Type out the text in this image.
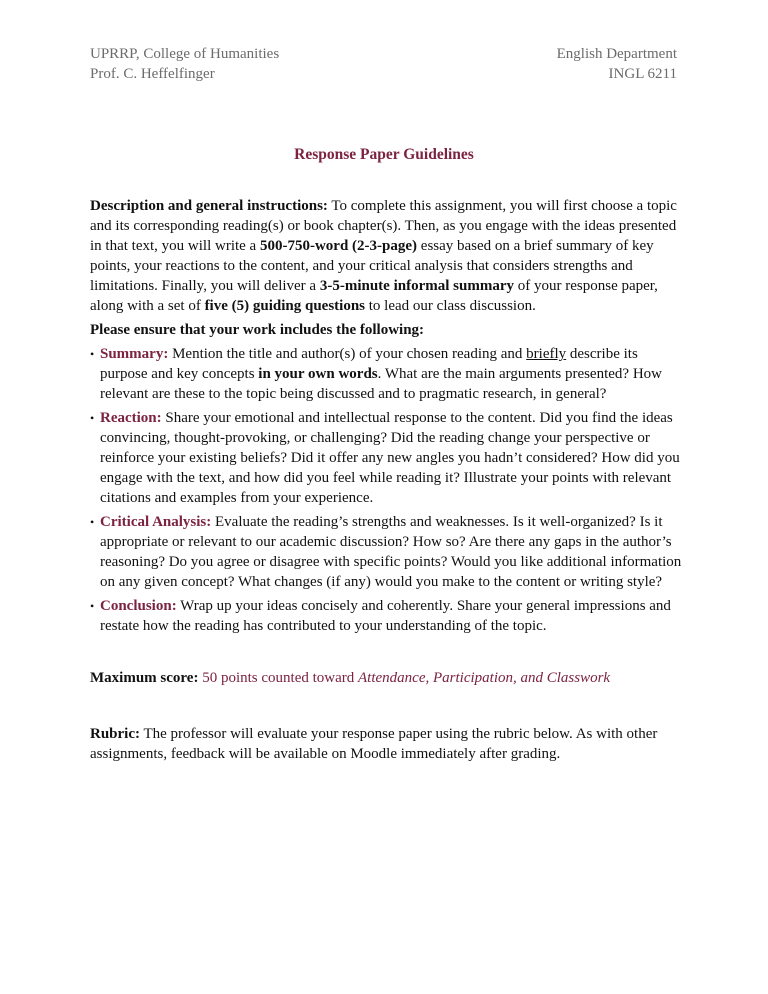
UPRRP, College of Humanities
Prof. C. Heffelfinger
English Department
INGL 6211
Response Paper Guidelines
Description and general instructions: To complete this assignment, you will first choose a topic and its corresponding reading(s) or book chapter(s). Then, as you engage with the ideas presented in that text, you will write a 500-750-word (2-3-page) essay based on a brief summary of key points, your reactions to the content, and your critical analysis that considers strengths and limitations. Finally, you will deliver a 3-5-minute informal summary of your response paper, along with a set of five (5) guiding questions to lead our class discussion.
Please ensure that your work includes the following:
• Summary: Mention the title and author(s) of your chosen reading and briefly describe its purpose and key concepts in your own words. What are the main arguments presented? How relevant are these to the topic being discussed and to pragmatic research, in general?
• Reaction: Share your emotional and intellectual response to the content. Did you find the ideas convincing, thought-provoking, or challenging? Did the reading change your perspective or reinforce your existing beliefs? Did it offer any new angles you hadn’t considered? How did you engage with the text, and how did you feel while reading it? Illustrate your points with relevant citations and examples from your experience.
• Critical Analysis: Evaluate the reading’s strengths and weaknesses. Is it well-organized? Is it appropriate or relevant to our academic discussion? How so? Are there any gaps in the author’s reasoning? Do you agree or disagree with specific points? Would you like additional information on any given concept? What changes (if any) would you make to the content or writing style?
• Conclusion: Wrap up your ideas concisely and coherently. Share your general impressions and restate how the reading has contributed to your understanding of the topic.
Maximum score: 50 points counted toward Attendance, Participation, and Classwork
Rubric: The professor will evaluate your response paper using the rubric below. As with other assignments, feedback will be available on Moodle immediately after grading.
